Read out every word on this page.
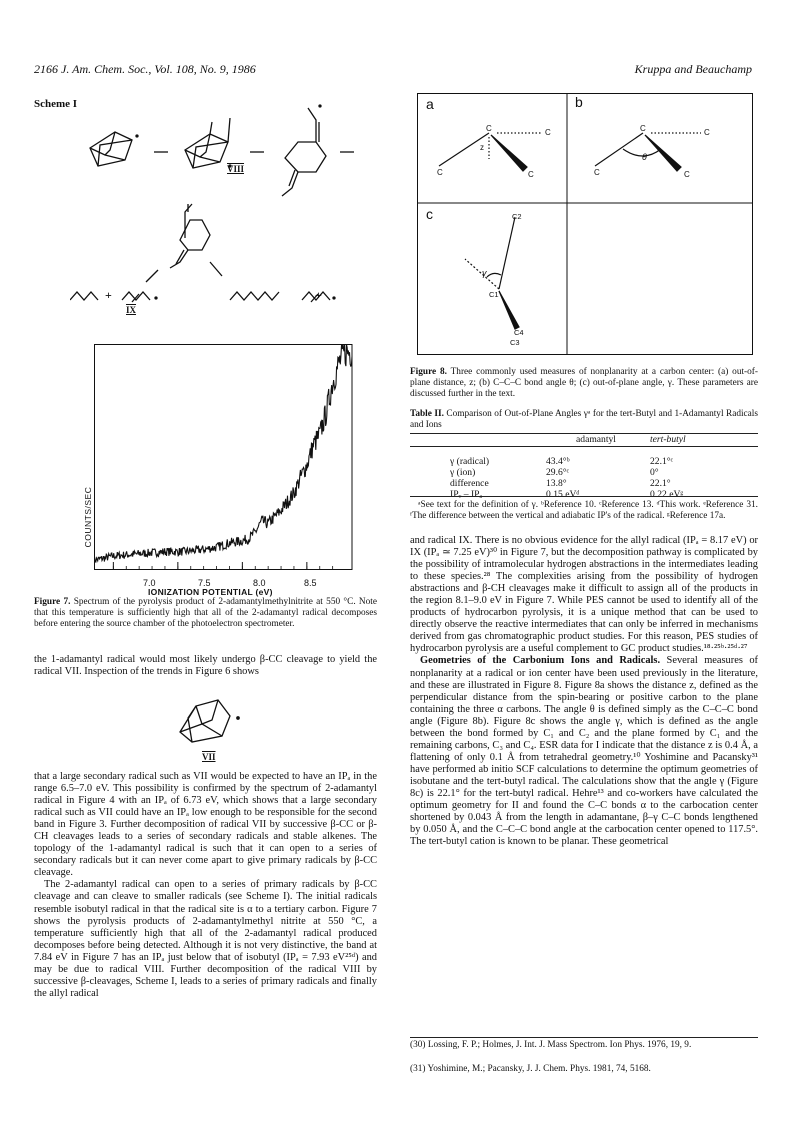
2166 J. Am. Chem. Soc., Vol. 108, No. 9, 1986	Kruppa and Beauchamp
Scheme I
VIII
+	+
IX
COUNTS/SEC
7.0	7.5	8.0	8.5
IONIZATION POTENTIAL (eV)
Figure 7. Spectrum of the pyrolysis product of 2-adamantylmethylnitrite at 550 °C. Note that this temperature is sufficiently high that all of the 2-adamantyl radical decomposes before entering the source chamber of the photoelectron spectrometer.

the 1-adamantyl radical would most likely undergo β-CC cleavage to yield the radical VII. Inspection of the trends in Figure 6 shows

VII

that a large secondary radical such as VII would be expected to have an IPₐ in the range 6.5–7.0 eV. This possibility is confirmed by the spectrum of 2-adamantyl radical in Figure 4 with an IPₐ of 6.73 eV, which shows that a large secondary radical such as VII could have an IPₐ low enough to be responsible for the second band in Figure 3. Further decomposition of radical VII by successive β-CC or β-CH cleavages leads to a series of secondary radicals and stable alkenes. The topology of the 1-adamantyl radical is such that it can open to a series of secondary radicals but it can never come apart to give primary radicals by β-CC cleavage.

The 2-adamantyl radical can open to a series of primary radicals by β-CC cleavage and can cleave to smaller radicals (see Scheme I). The initial radicals resemble isobutyl radical in that the radical site is α to a tertiary carbon. Figure 7 shows the pyrolysis products of 2-adamantylmethyl nitrite at 550 °C, a temperature sufficiently high that all of the 2-adamantyl radical produced decomposes before being detected. Although it is not very distinctive, the band at 7.84 eV in Figure 7 has an IPₐ just below that of isobutyl (IPₐ = 7.93 eV²⁵ᵈ) and may be due to radical VIII. Further decomposition of the radical VIII by successive β-cleavages, Scheme I, leads to a series of primary radicals and finally the allyl radical

a	b
c
C	C
z
C	C
C	C
θ
C	C
C2
γ
C1
C4
C3
Figure 8. Three commonly used measures of nonplanarity at a carbon center: (a) out-of-plane distance, z; (b) C–C–C bond angle θ; (c) out-of-plane angle, γ. These parameters are discussed further in the text.
Table II. Comparison of Out-of-Plane Angles γᵃ for the tert-Butyl and 1-Adamantyl Radicals and Ions
	adamantyl	tert-butyl

γ (radical)	43.4°ᵇ	22.1°ᶜ
γ (ion)	29.6°ᶜ	0°
difference	13.8°	22.1°
IPᵥ – IPₐ	0.15 eVᵈ	0.22 eVᵍ
ᵃSee text for the definition of γ. ᵇReference 10. ᶜReference 13. ᵈThis work. ᵉReference 31. ᶠThe difference between the vertical and adiabatic IP's of the radical. ᵍReference 17a.

and radical IX. There is no obvious evidence for the allyl radical (IPₐ = 8.17 eV) or IX (IPₐ ≃ 7.25 eV)³⁰ in Figure 7, but the decomposition pathway is complicated by the possibility of intramolecular hydrogen abstractions in the intermediates leading to these species.²⁸ The complexities arising from the possibility of hydrogen abstractions and β-CH cleavages make it difficult to assign all of the products in the region 8.1–9.0 eV in Figure 7. While PES cannot be used to identify all of the products of hydrocarbon pyrolysis, it is a unique method that can be used to directly observe the reactive intermediates that can only be inferred in mechanisms derived from gas chromatographic product studies. For this reason, PES studies of hydrocarbon pyrolysis are a useful complement to GC product studies.¹⁸·²⁵ᵇ·²⁵ᵈ·²⁷

Geometries of the Carbonium Ions and Radicals. Several measures of nonplanarity at a radical or ion center have been used previously in the literature, and these are illustrated in Figure 8. Figure 8a shows the distance z, defined as the perpendicular distance from the spin-bearing or positive carbon to the plane containing the three α carbons. The angle θ is defined simply as the C–C–C bond angle (Figure 8b). Figure 8c shows the angle γ, which is defined as the angle between the bond formed by C₁ and C₂ and the plane formed by C₁ and the remaining carbons, C₃ and C₄. ESR data for I indicate that the distance z is 0.4 Å, a flattening of only 0.1 Å from tetrahedral geometry.¹⁰ Yoshimine and Pacansky³¹ have performed ab initio SCF calculations to determine the optimum geometries of isobutane and the tert-butyl radical. The calculations show that the angle γ (Figure 8c) is 22.1° for the tert-butyl radical. Hehre¹³ and co-workers have calculated the optimum geometry for II and found the C–C bonds α to the carbocation center shortened by 0.043 Å from the length in adamantane, β–γ C–C bonds lengthened by 0.050 Å, and the C–C–C bond angle at the carbocation center opened to 117.5°. The tert-butyl cation is known to be planar. These geometrical

(30) Lossing, F. P.; Holmes, J. Int. J. Mass Spectrom. Ion Phys. 1976, 19, 9.
(31) Yoshimine, M.; Pacansky, J. J. Chem. Phys. 1981, 74, 5168.
